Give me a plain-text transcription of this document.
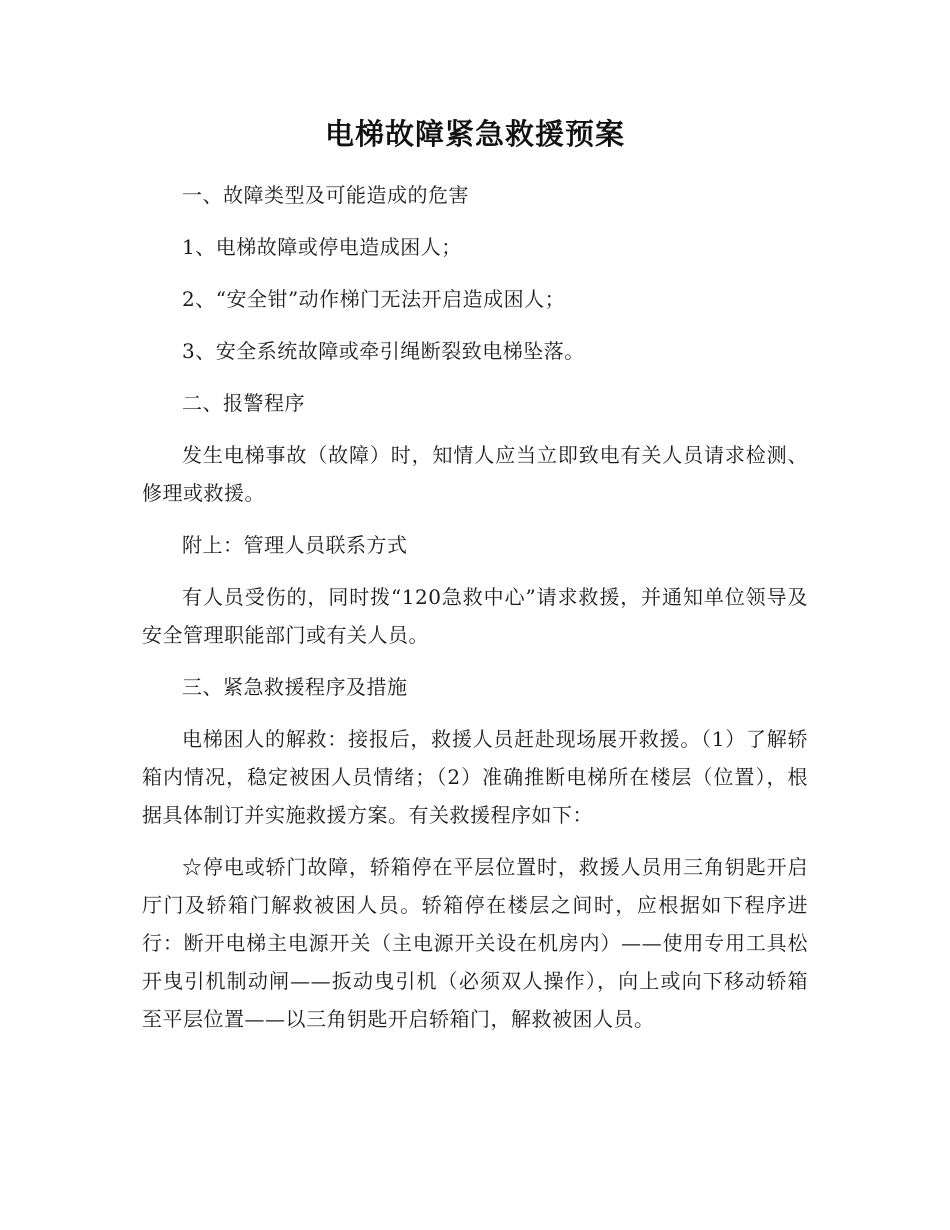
电梯故障紧急救援预案

一、故障类型及可能造成的危害

1、电梯故障或停电造成困人；

2、“安全钳”动作梯门无法开启造成困人；

3、安全系统故障或牵引绳断裂致电梯坠落。

二、报警程序

发生电梯事故（故障）时，知情人应当立即致电有关人员请求检测、修理或救援。

附上：管理人员联系方式

有人员受伤的，同时拨“120急救中心”请求救援，并通知单位领导及安全管理职能部门或有关人员。

三、紧急救援程序及措施

电梯困人的解救：接报后，救援人员赶赴现场展开救援。（1）了解轿箱内情况，稳定被困人员情绪；（2）准确推断电梯所在楼层（位置），根据具体制订并实施救援方案。有关救援程序如下：

☆停电或轿门故障，轿箱停在平层位置时，救援人员用三角钥匙开启厅门及轿箱门解救被困人员。轿箱停在楼层之间时，应根据如下程序进行：断开电梯主电源开关（主电源开关设在机房内）——使用专用工具松开曳引机制动闸——扳动曳引机（必须双人操作），向上或向下移动轿箱至平层位置——以三角钥匙开启轿箱门，解救被困人员。
